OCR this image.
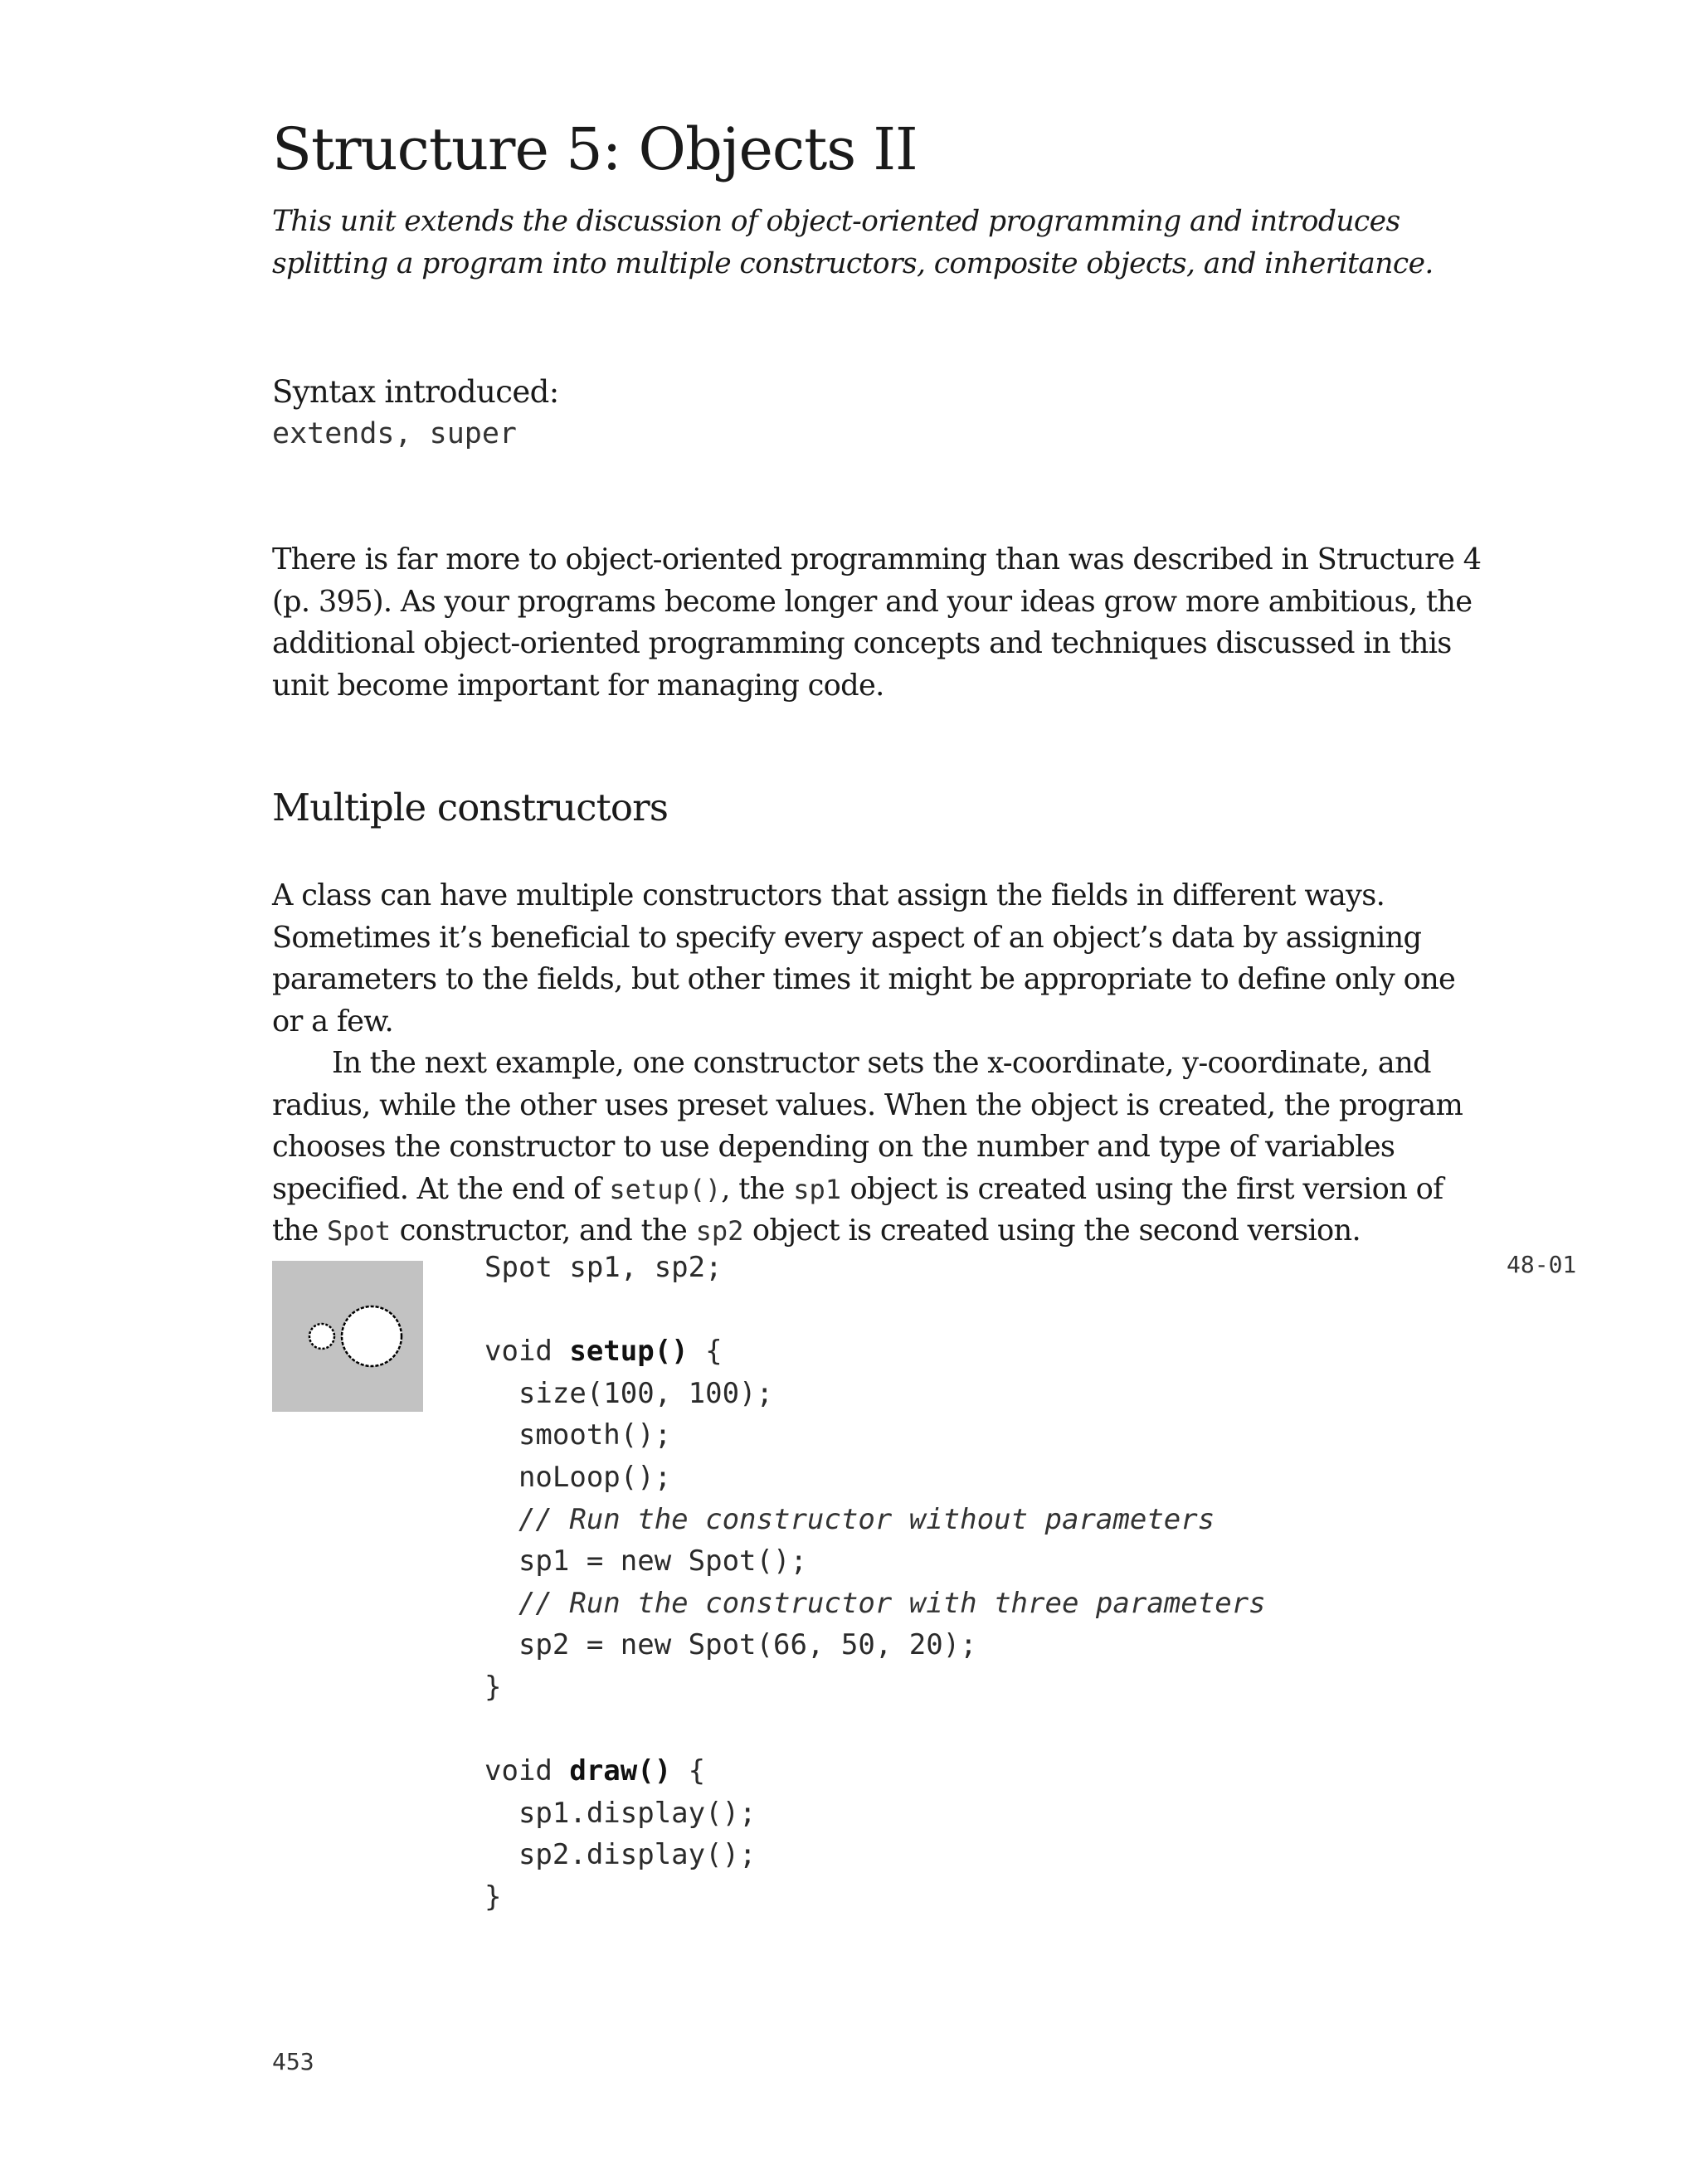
Structure 5: Objects II

This unit extends the discussion of object-oriented programming and introduces splitting a program into multiple constructors, composite objects, and inheritance.

Syntax introduced:

extends, super

There is far more to object-oriented programming than was described in Structure 4 (p. 395). As your programs become longer and your ideas grow more ambitious, the additional object-oriented programming concepts and techniques discussed in this unit become important for managing code.

Multiple constructors
A class can have multiple constructors that assign the fields in different ways. Sometimes it’s beneficial to specify every aspect of an object’s data by assigning parameters to the fields, but other times it might be appropriate to define only one or a few.
In the next example, one constructor sets the x-coordinate, y-coordinate, and radius, while the other uses preset values. When the object is created, the program chooses the constructor to use depending on the number and type of variables specified. At the end of setup(), the sp1 object is created using the first version of the Spot constructor, and the sp2 object is created using the second version.
Spot sp1, sp2;
void setup() {
size(100, 100);
smooth();
noLoop();
// Run the constructor without parameters
sp1 = new Spot();
// Run the constructor with three parameters
sp2 = new Spot(66, 50, 20);
}
void draw() {
sp1.display();
sp2.display();
}
48-01
453
